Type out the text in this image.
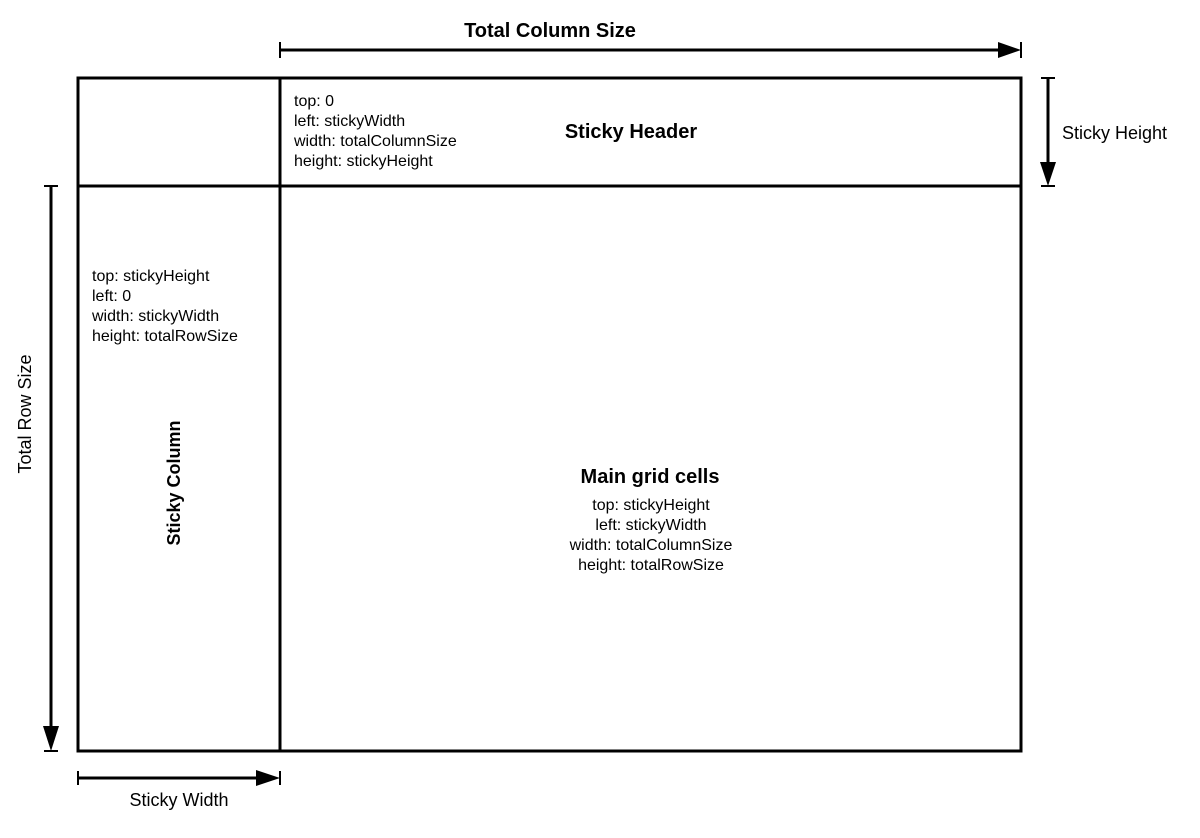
Total Column Size
Sticky Height
Total Row Size
Sticky Width
top: 0
left: stickyWidth
width: totalColumnSize
height: stickyHeight
Sticky Header
top: stickyHeight
left: 0
width: stickyWidth
height: totalRowSize
Sticky Column	Main grid cells
top: stickyHeight
left: stickyWidth
width: totalColumnSize
height: totalRowSize
